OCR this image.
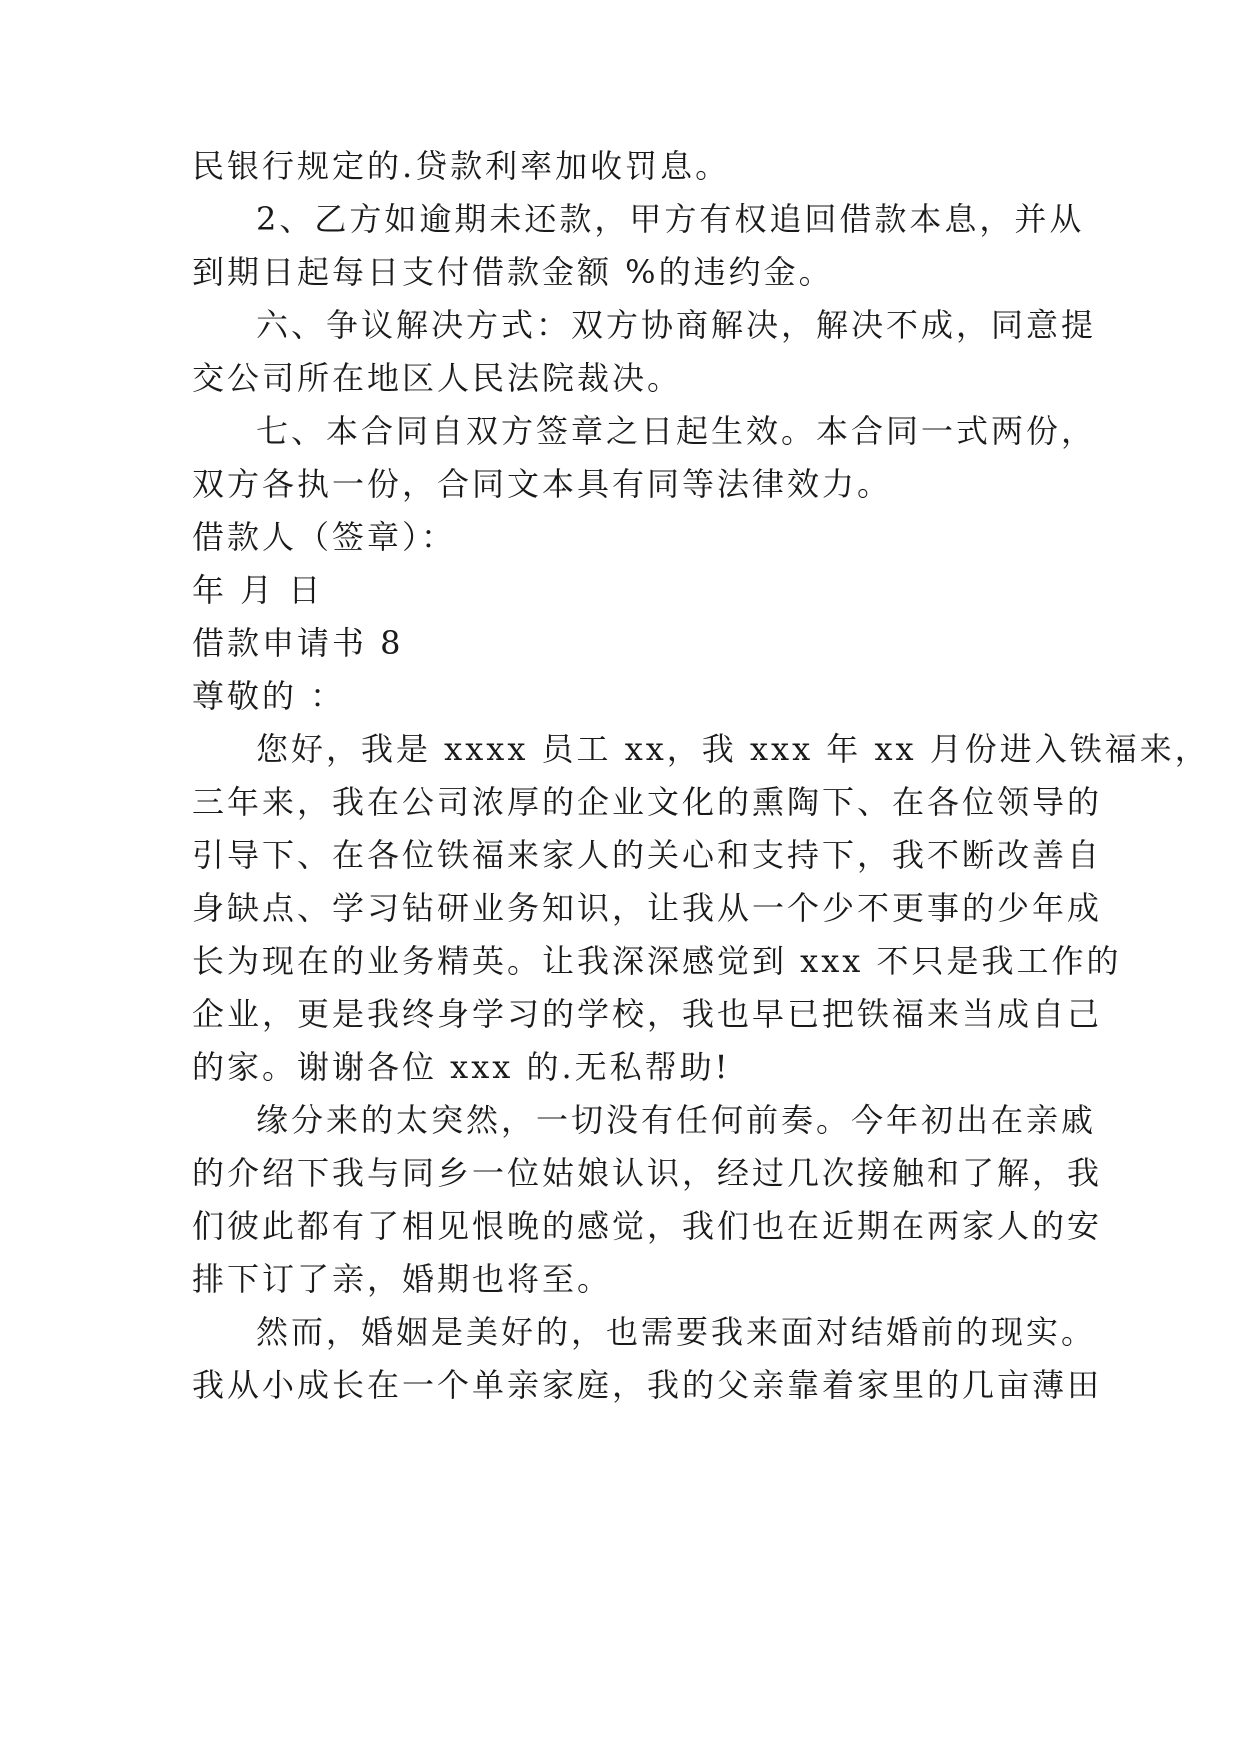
民银行规定的.贷款利率加收罚息。
2、乙方如逾期未还款，甲方有权追回借款本息，并从
到期日起每日支付借款金额 %的违约金。
六、争议解决方式：双方协商解决，解决不成，同意提
交公司所在地区人民法院裁决。
七、本合同自双方签章之日起生效。本合同一式两份，
双方各执一份，合同文本具有同等法律效力。
借款人（签章）：
年 月 日
借款申请书 8
尊敬的 ：
您好，我是 xxxx 员工 xx，我 xxx 年 xx 月份进入铁福来，
三年来，我在公司浓厚的企业文化的熏陶下、在各位领导的
引导下、在各位铁福来家人的关心和支持下，我不断改善自
身缺点、学习钻研业务知识，让我从一个少不更事的少年成
长为现在的业务精英。让我深深感觉到 xxx 不只是我工作的
企业，更是我终身学习的学校，我也早已把铁福来当成自己
的家。谢谢各位 xxx 的.无私帮助!
缘分来的太突然，一切没有任何前奏。今年初出在亲戚
的介绍下我与同乡一位姑娘认识，经过几次接触和了解，我
们彼此都有了相见恨晚的感觉，我们也在近期在两家人的安
排下订了亲，婚期也将至。
然而，婚姻是美好的，也需要我来面对结婚前的现实。
我从小成长在一个单亲家庭，我的父亲靠着家里的几亩薄田
